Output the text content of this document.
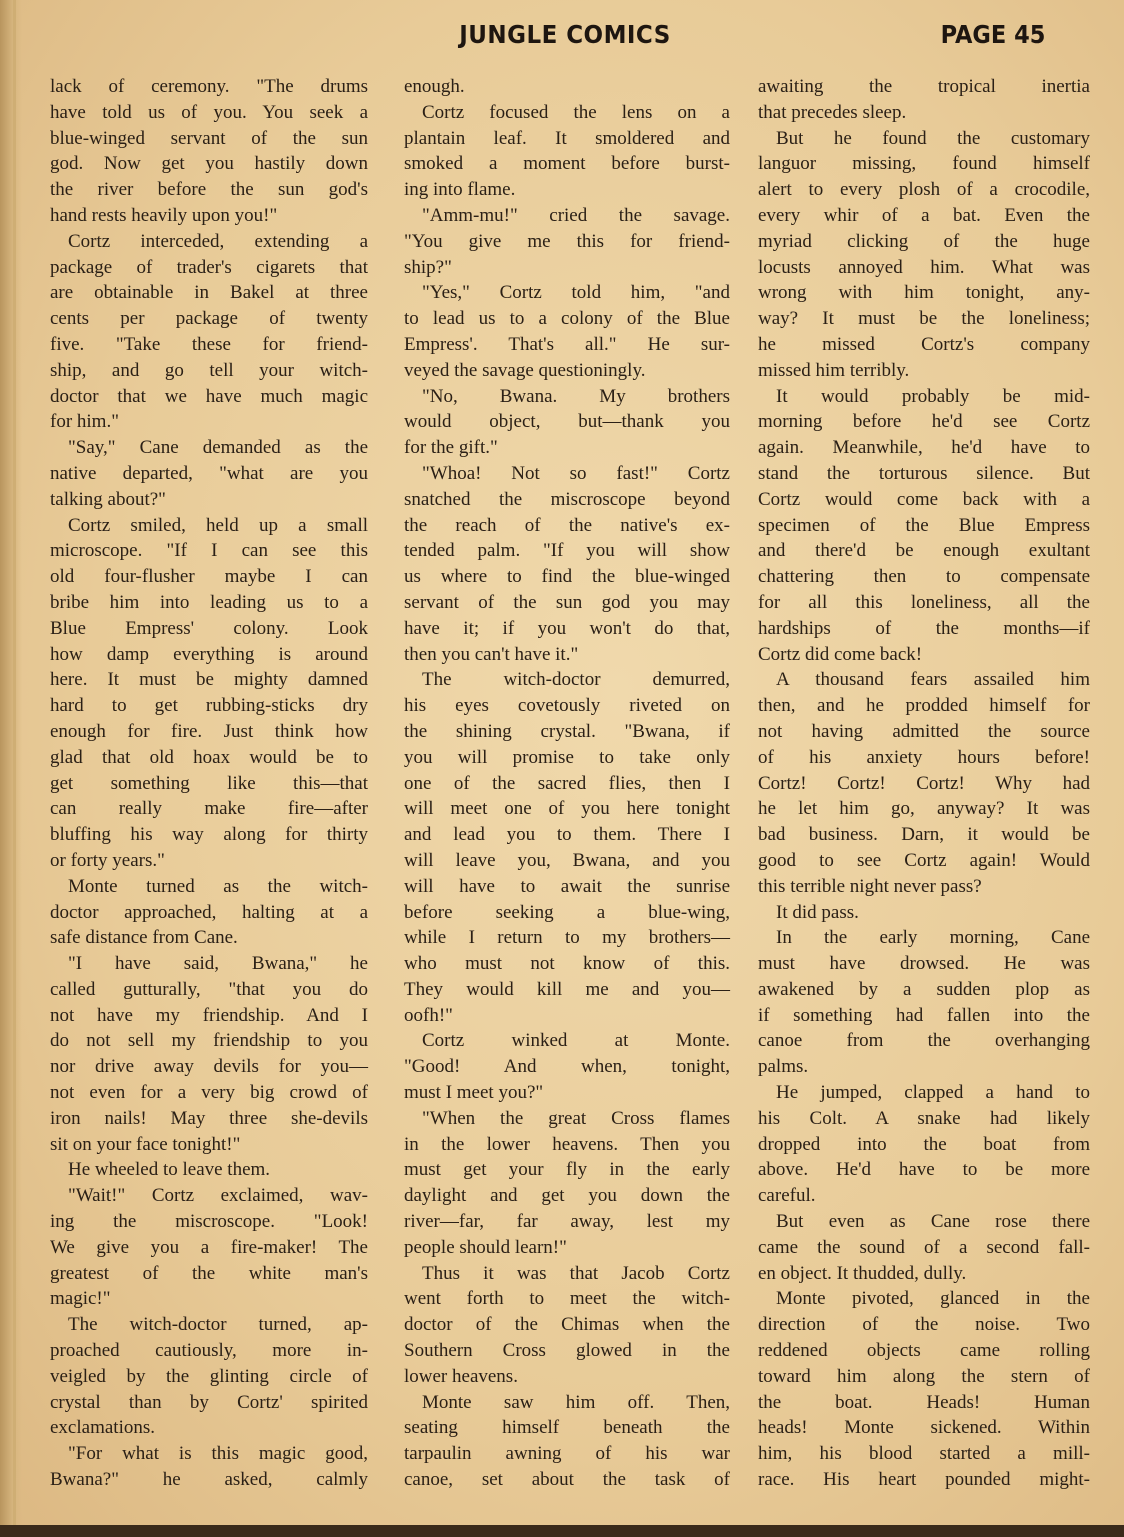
JUNGLE COMICS	PAGE 45
lack of ceremony. "The drums
have told us of you. You seek a
blue-winged servant of the sun
god. Now get you hastily down
the river before the sun god's
hand rests heavily upon you!"
Cortz interceded, extending a
package of trader's cigarets that
are obtainable in Bakel at three
cents per package of twenty
five. "Take these for friend-
ship, and go tell your witch-
doctor that we have much magic
for him."
"Say," Cane demanded as the
native departed, "what are you
talking about?"
Cortz smiled, held up a small
microscope. "If I can see this
old four-flusher maybe I can
bribe him into leading us to a
Blue Empress' colony. Look
how damp everything is around
here. It must be mighty damned
hard to get rubbing-sticks dry
enough for fire. Just think how
glad that old hoax would be to
get something like this—that
can really make fire—after
bluffing his way along for thirty
or forty years."
Monte turned as the witch-
doctor approached, halting at a
safe distance from Cane.
"I have said, Bwana," he
called gutturally, "that you do
not have my friendship. And I
do not sell my friendship to you
nor drive away devils for you—
not even for a very big crowd of
iron nails! May three she-devils
sit on your face tonight!"
He wheeled to leave them.
"Wait!" Cortz exclaimed, wav-
ing the miscroscope. "Look!
We give you a fire-maker! The
greatest of the white man's
magic!"
The witch-doctor turned, ap-
proached cautiously, more in-
veigled by the glinting circle of
crystal than by Cortz' spirited
exclamations.
"For what is this magic good,
Bwana?" he asked, calmly
enough.
Cortz focused the lens on a
plantain leaf. It smoldered and
smoked a moment before burst-
ing into flame.
"Amm-mu!" cried the savage.
"You give me this for friend-
ship?"
"Yes," Cortz told him, "and
to lead us to a colony of the Blue
Empress'. That's all." He sur-
veyed the savage questioningly.
"No, Bwana. My brothers
would object, but—thank you
for the gift."
"Whoa! Not so fast!" Cortz
snatched the miscroscope beyond
the reach of the native's ex-
tended palm. "If you will show
us where to find the blue-winged
servant of the sun god you may
have it; if you won't do that,
then you can't have it."
The witch-doctor demurred,
his eyes covetously riveted on
the shining crystal. "Bwana, if
you will promise to take only
one of the sacred flies, then I
will meet one of you here tonight
and lead you to them. There I
will leave you, Bwana, and you
will have to await the sunrise
before seeking a blue-wing,
while I return to my brothers—
who must not know of this.
They would kill me and you—
oofh!"
Cortz winked at Monte.
"Good! And when, tonight,
must I meet you?"
"When the great Cross flames
in the lower heavens. Then you
must get your fly in the early
daylight and get you down the
river—far, far away, lest my
people should learn!"
Thus it was that Jacob Cortz
went forth to meet the witch-
doctor of the Chimas when the
Southern Cross glowed in the
lower heavens.
Monte saw him off. Then,
seating himself beneath the
tarpaulin awning of his war
canoe, set about the task of
awaiting the tropical inertia
that precedes sleep.
But he found the customary
languor missing, found himself
alert to every plosh of a crocodile,
every whir of a bat. Even the
myriad clicking of the huge
locusts annoyed him. What was
wrong with him tonight, any-
way? It must be the loneliness;
he missed Cortz's company
missed him terribly.
It would probably be mid-
morning before he'd see Cortz
again. Meanwhile, he'd have to
stand the torturous silence. But
Cortz would come back with a
specimen of the Blue Empress
and there'd be enough exultant
chattering then to compensate
for all this loneliness, all the
hardships of the months—if
Cortz did come back!
A thousand fears assailed him
then, and he prodded himself for
not having admitted the source
of his anxiety hours before!
Cortz! Cortz! Cortz! Why had
he let him go, anyway? It was
bad business. Darn, it would be
good to see Cortz again! Would
this terrible night never pass?
It did pass.
In the early morning, Cane
must have drowsed. He was
awakened by a sudden plop as
if something had fallen into the
canoe from the overhanging
palms.
He jumped, clapped a hand to
his Colt. A snake had likely
dropped into the boat from
above. He'd have to be more
careful.
But even as Cane rose there
came the sound of a second fall-
en object. It thudded, dully.
Monte pivoted, glanced in the
direction of the noise. Two
reddened objects came rolling
toward him along the stern of
the boat. Heads! Human
heads! Monte sickened. Within
him, his blood started a mill-
race. His heart pounded might-
